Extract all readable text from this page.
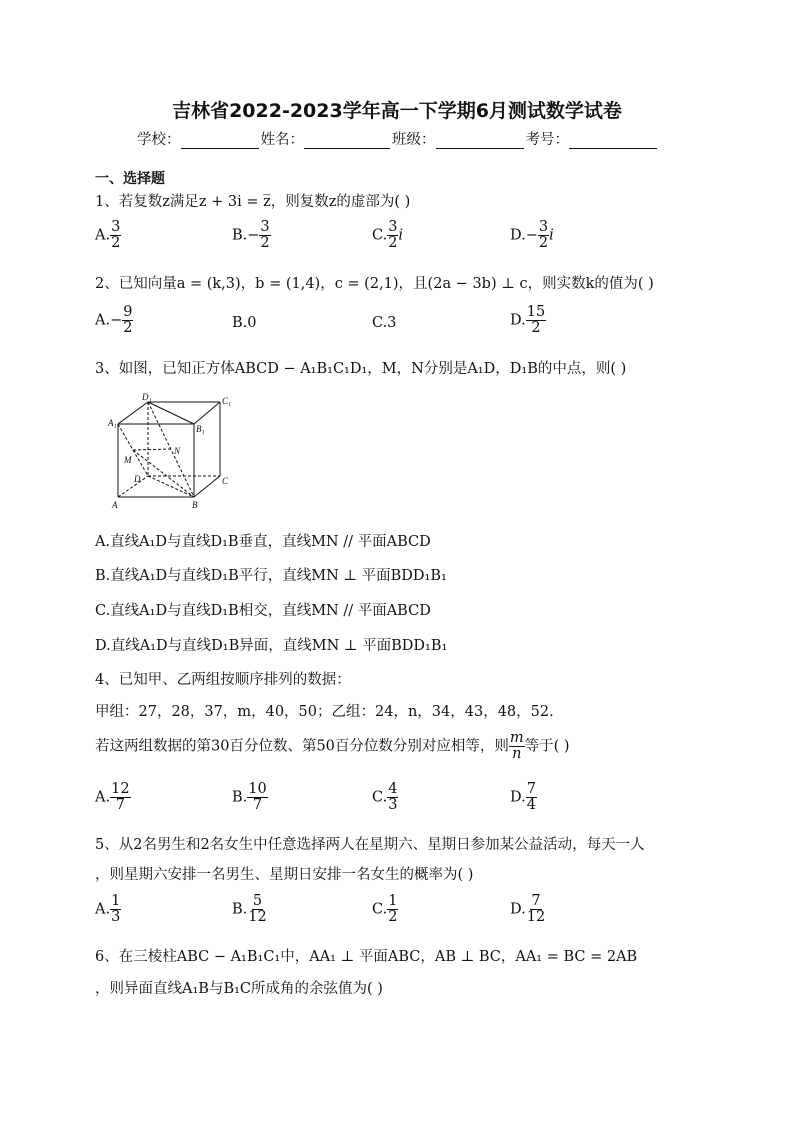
吉林省2022-2023学年高一下学期6月测试数学试卷
学校：	姓名：	班级：	考号：
一、选择题
1、若复数z满足z + 3i = z̅，则复数z的虚部为( )
A. $\frac{3}{2}$	$B.- \frac{3}{2}$	C. $\frac{3}{2}$ i	$D.- \frac{3}{2}$ i
2、已知向量a = (k,3)，b = (1,4)，c = (2,1)，且(2a − 3b) ⊥ c，则实数k的值为( )
$A.- \frac{9}{2}$	B.0	C.3	D. $\frac{15}{2}$
3、如图，已知正方体ABCD − A₁B₁C₁D₁，M，N分别是A₁D，D₁B的中点，则( )
D₁	C₁
A₁
B₁
M
N
D	C
A	B
A.直线A₁D与直线D₁B垂直，直线MN // 平面ABCD
B.直线A₁D与直线D₁B平行，直线MN ⊥ 平面BDD₁B₁
C.直线A₁D与直线D₁B相交，直线MN // 平面ABCD
D.直线A₁D与直线D₁B异面，直线MN ⊥ 平面BDD₁B₁
4、已知甲、乙两组按顺序排列的数据：
甲组：27，28，37，m，40，50；乙组：24，n，34，43，48，52.
若这两组数据的第30百分位数、第50百分位数分别对应相等，则 $\frac{m}{n}$ 等于( )
A. $\frac{12}{7}$	B. $\frac{10}{7}$	C. $\frac{4}{3}$	D. $\frac{7}{4}$
5、从2名男生和2名女生中任意选择两人在星期六、星期日参加某公益活动，每天一人
，则星期六安排一名男生、星期日安排一名女生的概率为( )
A. $\frac{1}{3}$	B. $\frac{5}{12}$	C. $\frac{1}{2}$	D. $\frac{7}{12}$
6、在三棱柱ABC − A₁B₁C₁中，AA₁ ⊥ 平面ABC，AB ⊥ BC，AA₁ = BC = 2AB
，则异面直线A₁B与B₁C所成角的余弦值为( )
